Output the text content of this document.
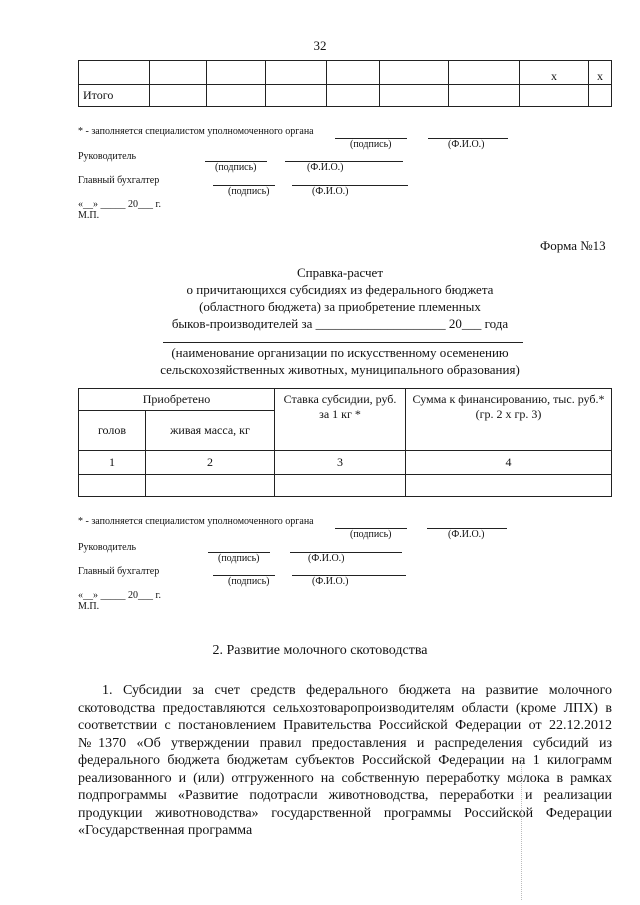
32
							х	х
Итого								
* - заполняется специалистом уполномоченного органа
(подпись)	(Ф.И.О.)
Руководитель
(подпись)	(Ф.И.О.)
Главный бухгалтер
(подпись)	(Ф.И.О.)
«__» _____ 20___ г.
М.П.
Форма №13
Справка-расчет
о причитающихся субсидиях из федерального бюджета
(областного бюджета) за приобретение племенных
быков-производителей за ____________________ 20___ года
(наименование организации по искусственному осеменению
сельскохозяйственных животных, муниципального образования)
Приобретено		Ставка субсидии, руб. за 1 кг *	Сумма к финансированию, тыс. руб.* (гр. 2 х гр. 3)
голов	живая масса, кг		
1	2	3	4

* - заполняется специалистом уполномоченного органа
(подпись)	(Ф.И.О.)
Руководитель
(подпись)	(Ф.И.О.)
Главный бухгалтер
(подпись)	(Ф.И.О.)
«__» _____ 20___ г.
М.П.
2. Развитие молочного скотоводства

1. Субсидии за счет средств федерального бюджета на развитие молочного скотоводства предоставляются сельхозтоваропроизводителям области (кроме ЛПХ) в соответствии с постановлением Правительства Российской Федерации от 22.12.2012 №1370 «Об утверждении правил предоставления и распределения субсидий из федерального бюджета бюджетам субъектов Российской Федерации на 1 килограмм реализованного и (или) отгруженного на собственную переработку молока в рамках подпрограммы «Развитие подотрасли животноводства, переработки и реализации продукции животноводства» государственной программы Российской Федерации «Государственная программа
